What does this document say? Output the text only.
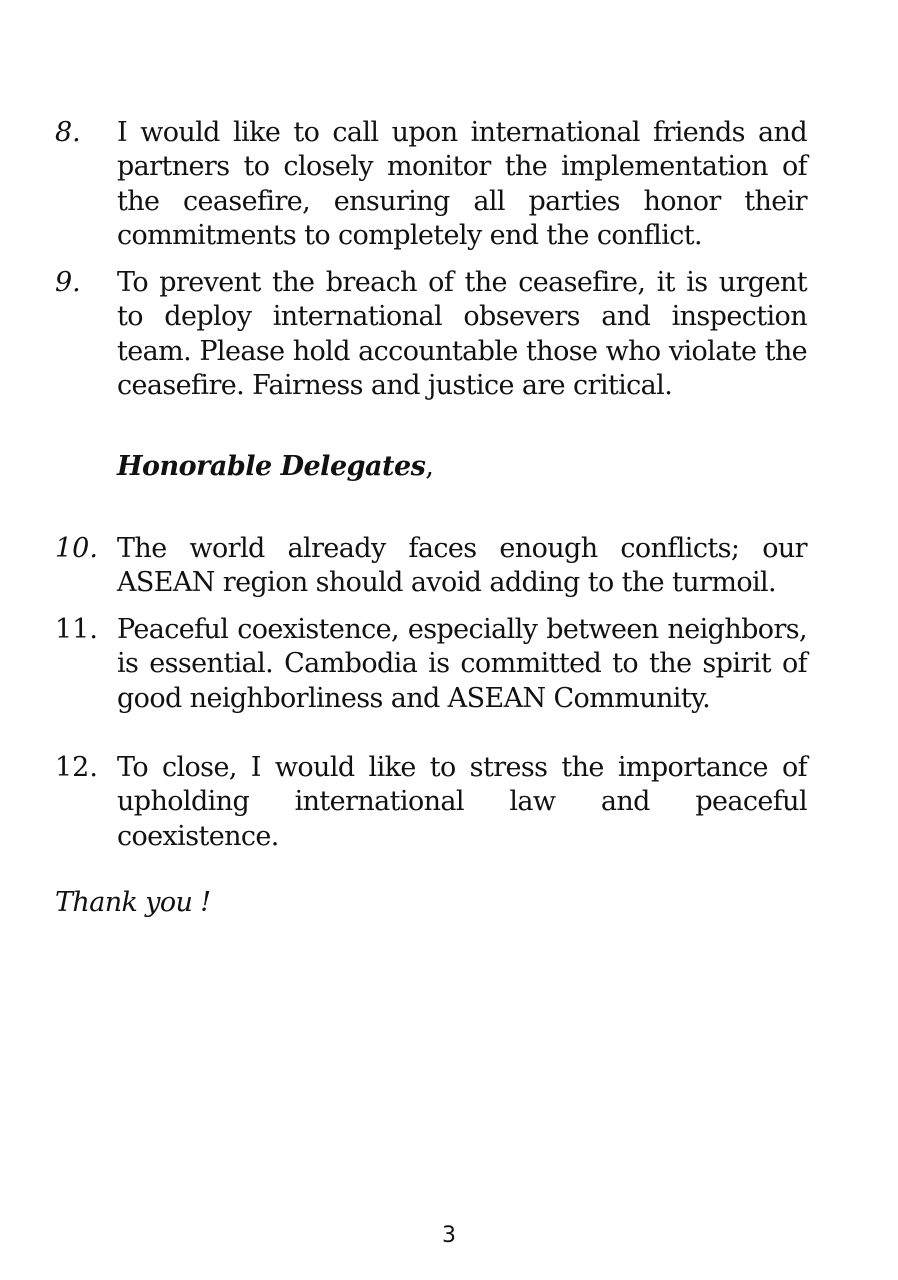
8. I would like to call upon international friends and partners to closely monitor the implementation of the ceasefire, ensuring all parties honor their commitments to completely end the conflict.
9. To prevent the breach of the ceasefire, it is urgent to deploy international obsevers and inspection team. Please hold accountable those who violate the ceasefire. Fairness and justice are critical.
Honorable Delegates,
10. The world already faces enough conflicts; our ASEAN region should avoid adding to the turmoil.
11. Peaceful coexistence, especially between neighbors, is essential. Cambodia is committed to the spirit of good neighborliness and ASEAN Community.
12. To close, I would like to stress the importance of upholding international law and peaceful coexistence.
Thank you !
3
